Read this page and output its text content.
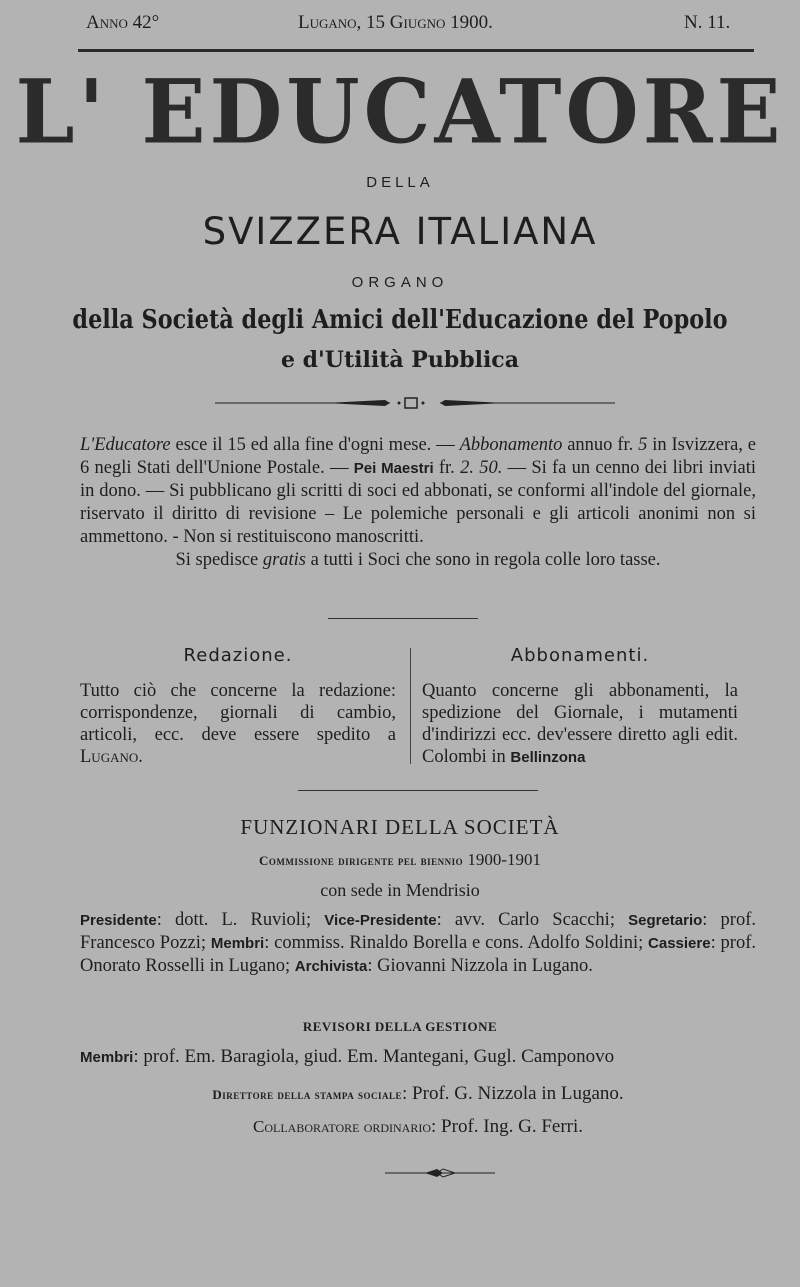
Anno 42°	Lugano, 15 Giugno 1900.	N. 11.
L' EDUCATORE
DELLA
SVIZZERA ITALIANA
ORGANO
della Società degli Amici dell'Educazione del Popolo
e d'Utilità Pubblica

L'Educatore esce il 15 ed alla fine d'ogni mese. — Abbonamento annuo fr. 5 in Isvizzera, e 6 negli Stati dell'Unione Postale. — Pei Maestri fr. 2. 50. — Si fa un cenno dei libri inviati in dono. — Si pubblicano gli scritti di soci ed abbonati, se conformi all'indole del giornale, riservato il diritto di revisione – Le polemiche personali e gli articoli anonimi non si ammettono. - Non si restituiscono manoscritti.

Si spedisce gratis a tutti i Soci che sono in regola colle loro tasse.

Redazione.

Tutto ciò che concerne la redazione: corrispondenze, giornali di cambio, articoli, ecc. deve essere spedito a Lugano.

Abbonamenti.

Quanto concerne gli abbonamenti, la spedizione del Giornale, i mutamenti d'indirizzi ecc. dev'essere diretto agli edit. Colombi in Bellinzona

FUNZIONARI DELLA SOCIETÀ
Commissione dirigente pel biennio 1900-1901
con sede in Mendrisio

Presidente: dott. L. Ruvioli; Vice-Presidente: avv. Carlo Scacchi; Segretario: prof. Francesco Pozzi; Membri: commiss. Rinaldo Borella e cons. Adolfo Soldini; Cassiere: prof. Onorato Rosselli in Lugano; Archivista: Giovanni Nizzola in Lugano.

REVISORI DELLA GESTIONE
Membri: prof. Em. Baragiola, giud. Em. Mantegani, Gugl. Camponovo
Direttore della stampa sociale: Prof. G. Nizzola in Lugano.
Collaboratore ordinario: Prof. Ing. G. Ferri.
